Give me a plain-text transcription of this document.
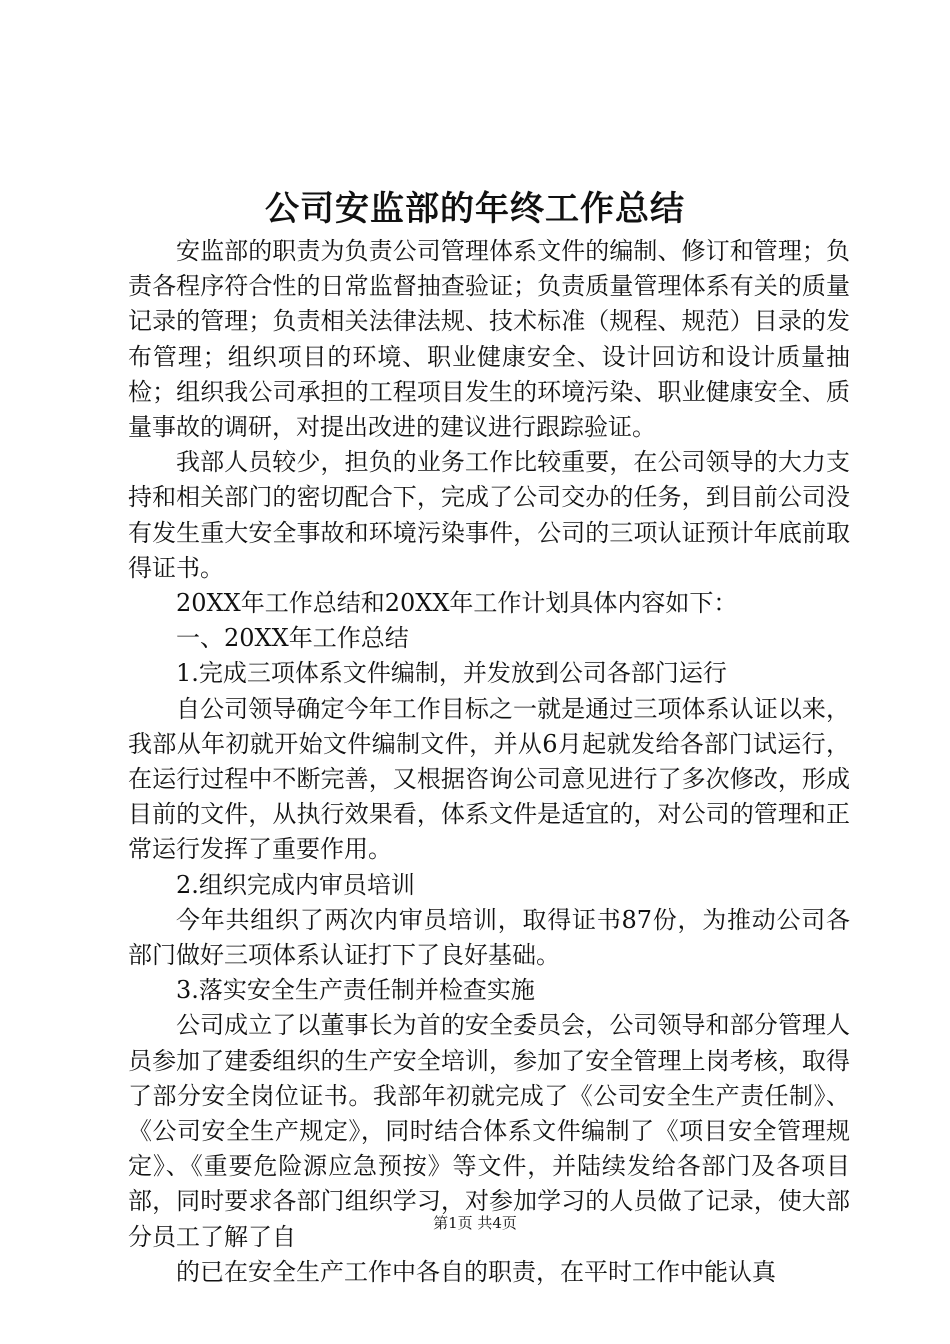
公司安监部的年终工作总结

安监部的职责为负责公司管理体系文件的编制、修订和管理；负责各程序符合性的日常监督抽查验证；负责质量管理体系有关的质量记录的管理；负责相关法律法规、技术标准（规程、规范）目录的发布管理；组织项目的环境、职业健康安全、设计回访和设计质量抽检；组织我公司承担的工程项目发生的环境污染、职业健康安全、质量事故的调研，对提出改进的建议进行跟踪验证。

我部人员较少，担负的业务工作比较重要，在公司领导的大力支持和相关部门的密切配合下，完成了公司交办的任务，到目前公司没有发生重大安全事故和环境污染事件，公司的三项认证预计年底前取得证书。

20XX年工作总结和20XX年工作计划具体内容如下：

一、20XX年工作总结

1.完成三项体系文件编制，并发放到公司各部门运行

自公司领导确定今年工作目标之一就是通过三项体系认证以来，我部从年初就开始文件编制文件，并从6月起就发给各部门试运行，在运行过程中不断完善，又根据咨询公司意见进行了多次修改，形成目前的文件，从执行效果看，体系文件是适宜的，对公司的管理和正常运行发挥了重要作用。

2.组织完成内审员培训

今年共组织了两次内审员培训，取得证书87份，为推动公司各部门做好三项体系认证打下了良好基础。

3.落实安全生产责任制并检查实施

公司成立了以董事长为首的安全委员会，公司领导和部分管理人员参加了建委组织的生产安全培训，参加了安全管理上岗考核，取得了部分安全岗位证书。我部年初就完成了《公司安全生产责任制》、《公司安全生产规定》，同时结合体系文件编制了《项目安全管理规定》、《重要危险源应急预按》等文件，并陆续发给各部门及各项目部，同时要求各部门组织学习，对参加学习的人员做了记录，使大部分员工了解了自

的已在安全生产工作中各自的职责，在平时工作中能认真

第1页 共4页
